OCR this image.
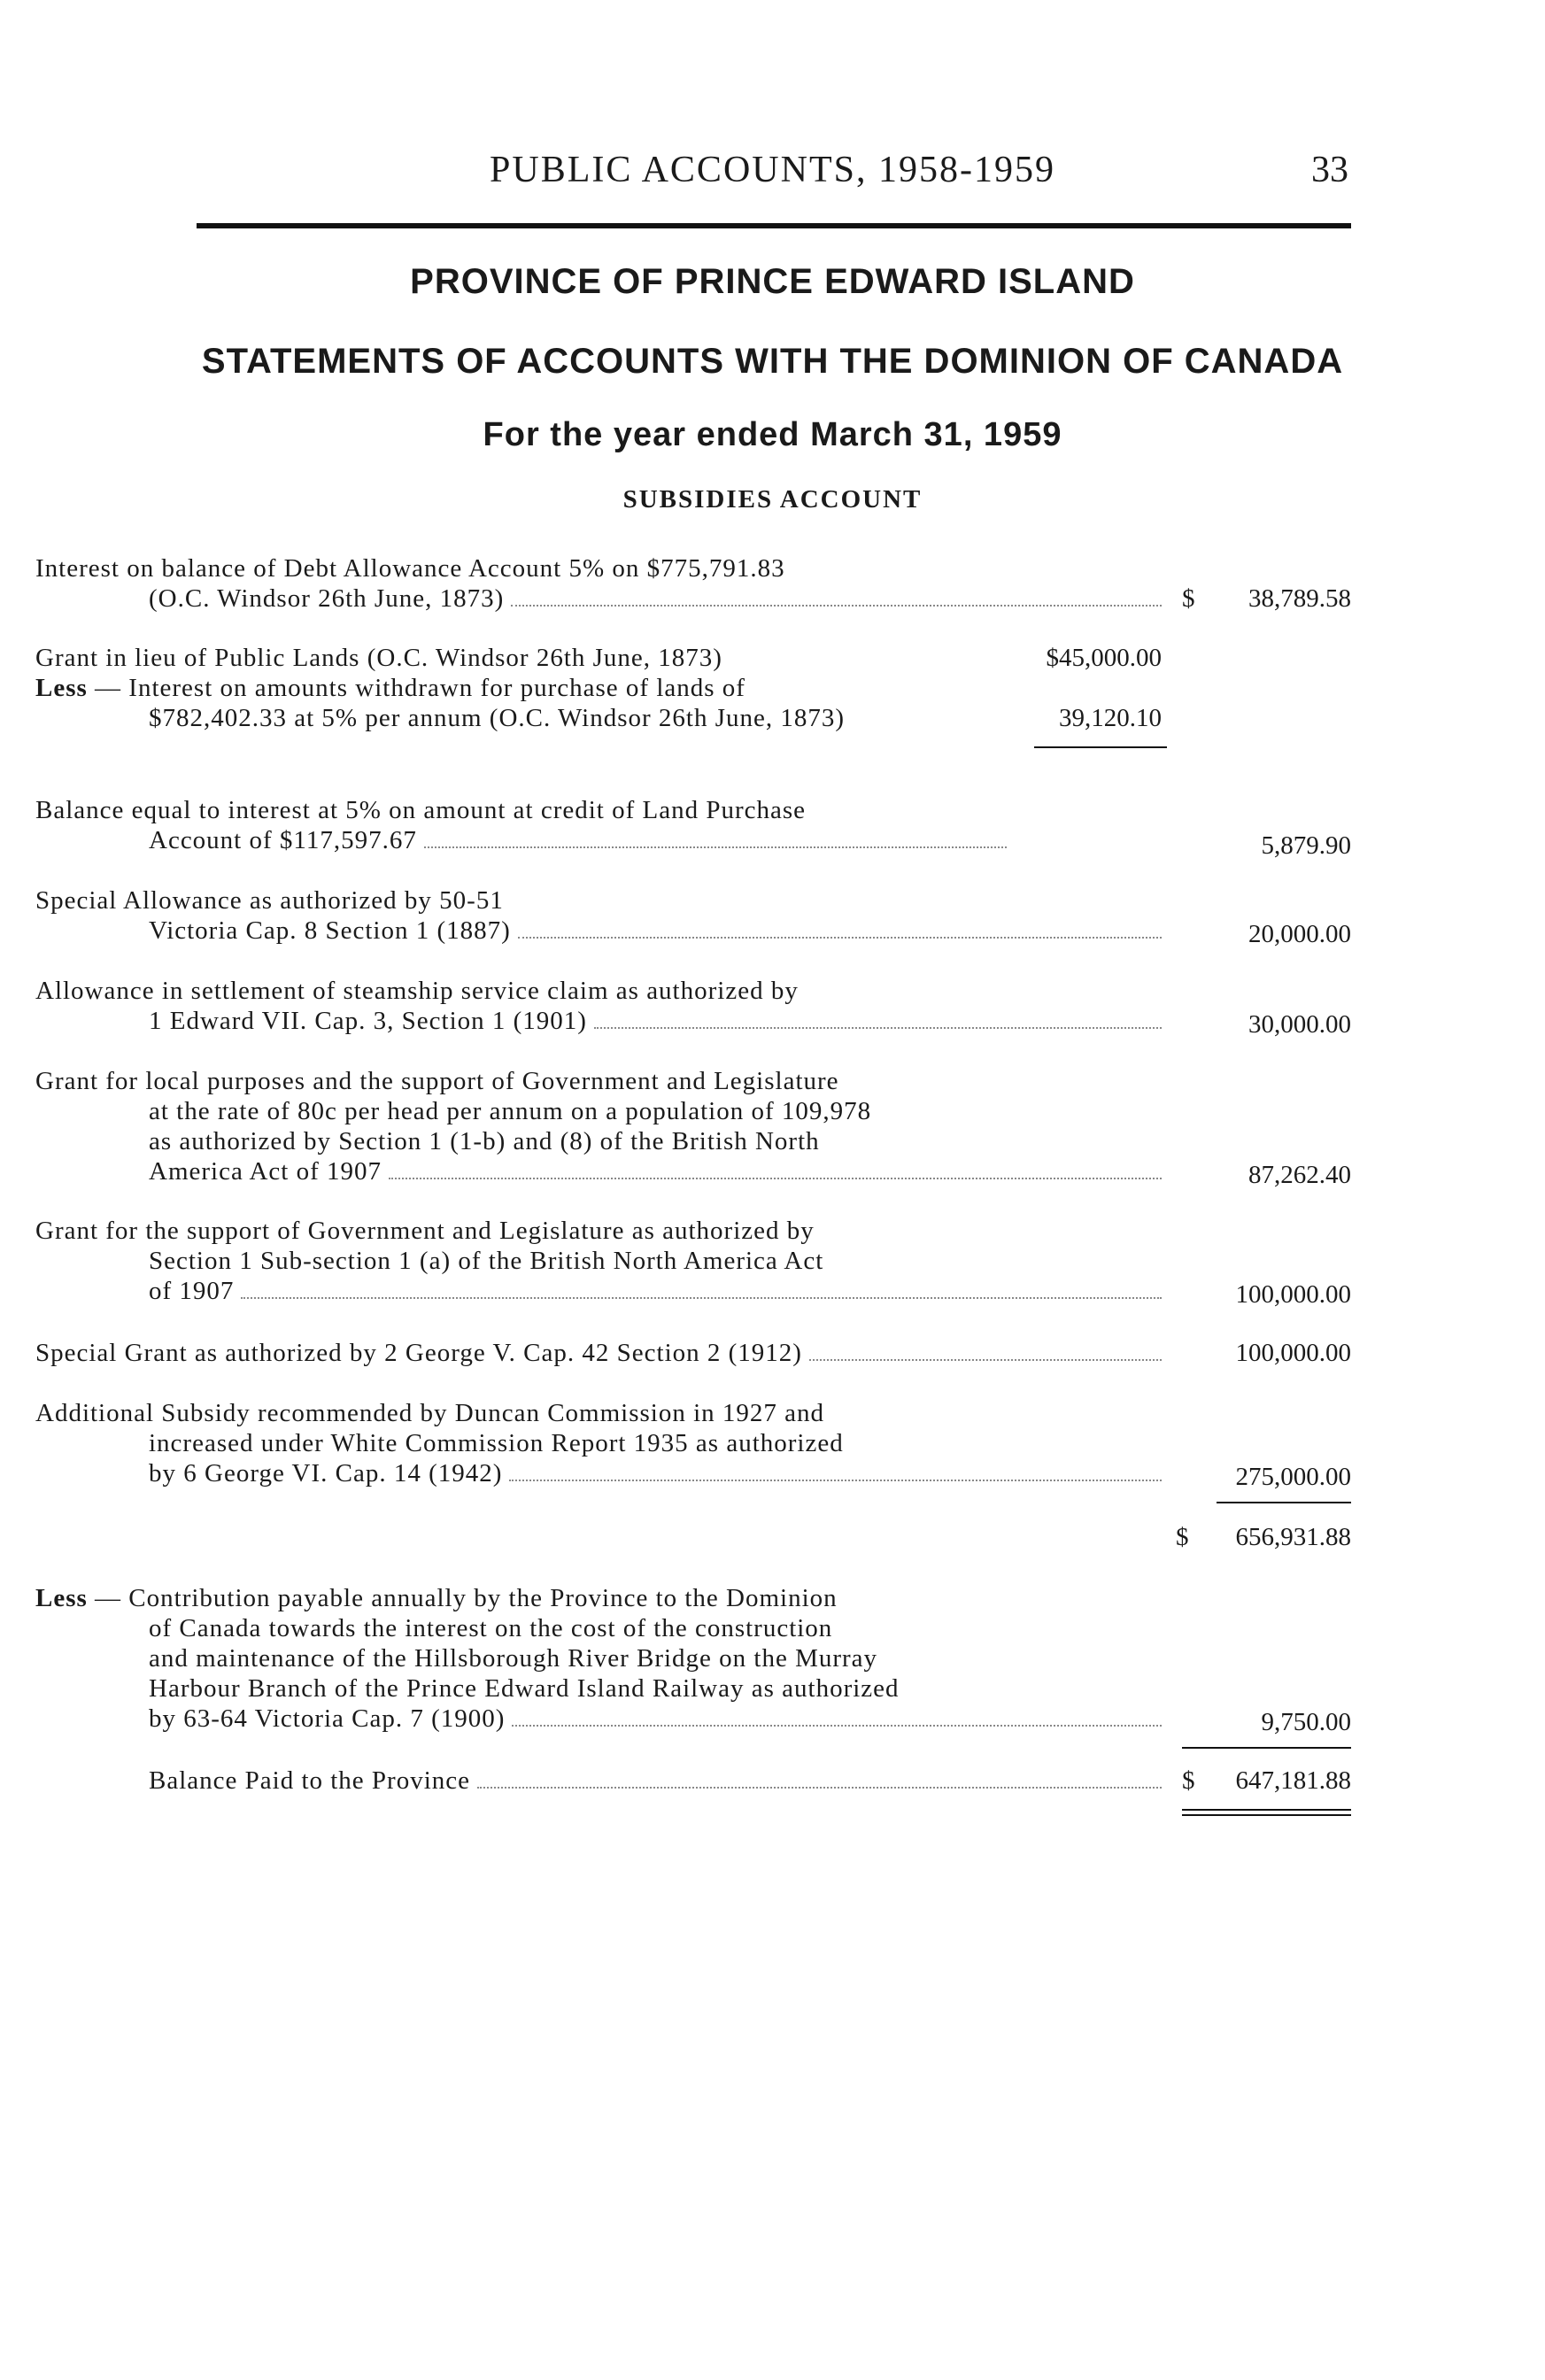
PUBLIC ACCOUNTS, 1958-1959	33
PROVINCE OF PRINCE EDWARD ISLAND
STATEMENTS OF ACCOUNTS WITH THE DOMINION OF CANADA
For the year ended March 31, 1959
SUBSIDIES ACCOUNT
Interest on balance of Debt Allowance Account 5% on $775,791.83
(O.C. Windsor 26th June, 1873)	$	38,789.58
Grant in lieu of Public Lands (O.C. Windsor 26th June, 1873)	$45,000.00
Less — Interest on amounts withdrawn for purchase of lands of
$782,402.33 at 5% per annum (O.C. Windsor 26th June, 1873)	39,120.10
Balance equal to interest at 5% on amount at credit of Land Purchase
Account of $117,597.67	5,879.90
Special Allowance as authorized by 50-51
Victoria Cap. 8 Section 1 (1887)	20,000.00
Allowance in settlement of steamship service claim as authorized by
1 Edward VII. Cap. 3, Section 1 (1901)	30,000.00
Grant for local purposes and the support of Government and Legislature
at the rate of 80c per head per annum on a population of 109,978
as authorized by Section 1 (1-b) and (8) of the British North
America Act of 1907	87,262.40
Grant for the support of Government and Legislature as authorized by
Section 1 Sub-section 1 (a) of the British North America Act
of 1907	100,000.00
Special Grant as authorized by 2 George V. Cap. 42 Section 2 (1912)	100,000.00
Additional Subsidy recommended by Duncan Commission in 1927 and
increased under White Commission Report 1935 as authorized
by 6 George VI. Cap. 14 (1942)	275,000.00
$	656,931.88
Less — Contribution payable annually by the Province to the Dominion
of Canada towards the interest on the cost of the construction
and maintenance of the Hillsborough River Bridge on the Murray
Harbour Branch of the Prince Edward Island Railway as authorized
by 63-64 Victoria Cap. 7 (1900)	9,750.00
Balance Paid to the Province	$	647,181.88
